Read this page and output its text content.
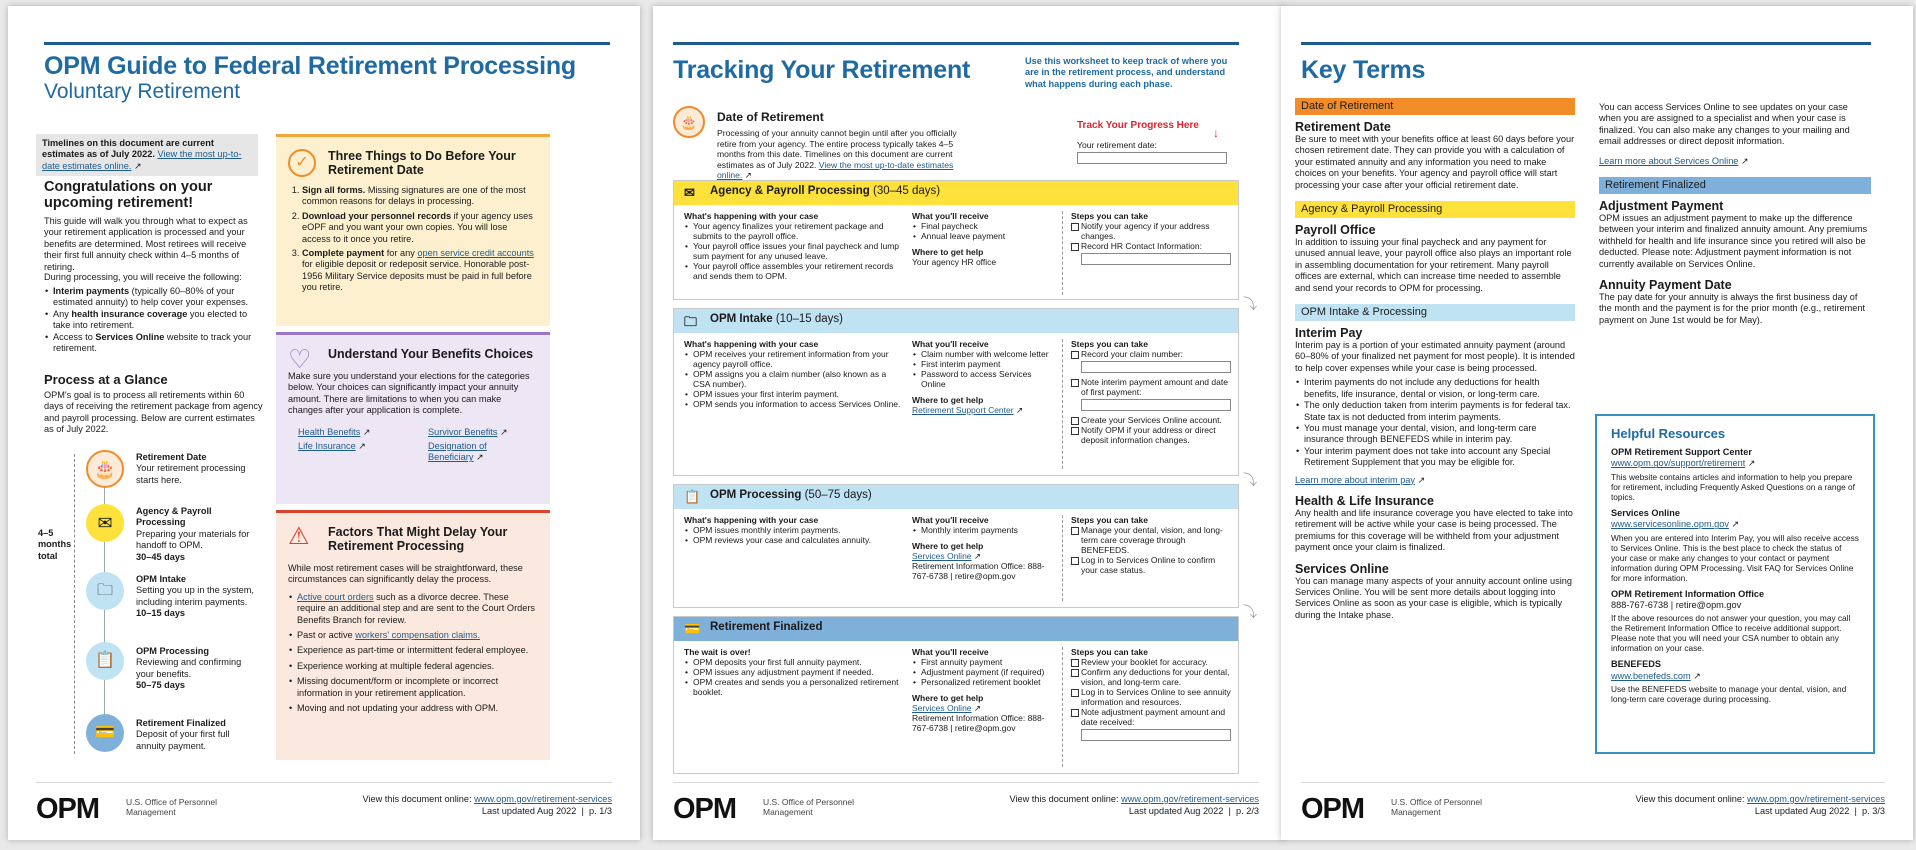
OPM Guide to Federal Retirement Processing
Voluntary Retirement
Timelines on this document are current estimates as of July 2022. View the most up-to-date estimates online. ↗
Congratulations on your upcoming retirement!
This guide will walk you through what to expect as your retirement application is processed and your benefits are determined. Most retirees will receive their first full annuity check within 4–5 months of retiring.
During processing, you will receive the following:
• Interim payments (typically 60–80% of your estimated annuity) to help cover your expenses.
• Any health insurance coverage you elected to take into retirement.
• Access to Services Online website to track your retirement.
Process at a Glance
OPM's goal is to process all retirements within 60 days of receiving the retirement package from agency and payroll processing. Below are current estimates as of July 2022.
4–5 months total
🎂
Retirement Date
Your retirement processing starts here.
✉
Agency & Payroll Processing
Preparing your materials for handoff to OPM.
30–45 days
🗀
OPM Intake
Setting you up in the system, including interim payments.
10–15 days
📋
OPM Processing
Reviewing and confirming your benefits.
50–75 days
💳
Retirement Finalized
Deposit of your first full annuity payment.
✓	Three Things to Do Before Your Retirement Date
1. Sign all forms. Missing signatures are one of the most common reasons for delays in processing.
2. Download your personnel records if your agency uses eOPF and you want your own copies. You will lose access to it once you retire.
3. Complete payment for any open service credit accounts for eligible deposit or redeposit service. Honorable post-1956 Military Service deposits must be paid in full before you retire.
♡ Understand Your Benefits Choices
Make sure you understand your elections for the categories below. Your choices can significantly impact your annuity amount. There are limitations to when you can make changes after your application is complete.
Health Benefits ↗
Life Insurance ↗
Survivor Benefits ↗
Designation of Beneficiary ↗
⚠ Factors That Might Delay Your Retirement Processing
While most retirement cases will be straightforward, these circumstances can significantly delay the process.
• Active court orders such as a divorce decree. These require an additional step and are sent to the Court Orders Benefits Branch for review.
• Past or active workers' compensation claims.
• Experience as part-time or intermittent federal employee.
• Experience working at multiple federal agencies.
• Missing document/form or incomplete or incorrect information in your retirement application.
• Moving and not updating your address with OPM.
OPM	U.S. Office of Personnel Management
View this document online: www.opm.gov/retirement-services
Last updated Aug 2022  |  p. 1/3
Tracking Your Retirement	Use this worksheet to keep track of where you are in the retirement process, and understand what happens during each phase.
🎂	Date of Retirement
Processing of your annuity cannot begin until after you officially retire from your agency. The entire process typically takes 4–5 months from this date. Timelines on this document are current estimates as of July 2022. View the most up-to-date estimates online. ↗
Track Your Progress Here
↓
Your retirement date:
✉ Agency & Payroll Processing (30–45 days)
What's happening with your case
• Your agency finalizes your retirement package and submits to the payroll office.
• Your payroll office issues your final paycheck and lump sum payment for any unused leave.
• Your payroll office assembles your retirement records and sends them to OPM.
What you'll receive
• Final paycheck
• Annual leave payment
Where to get help
Your agency HR office
Steps you can take
Notify your agency if your address changes.
Record HR Contact Information:
⤵
🗀 OPM Intake (10–15 days)
What's happening with your case
• OPM receives your retirement information from your agency payroll office.
• OPM assigns you a claim number (also known as a CSA number).
• OPM issues your first interim payment.
• OPM sends you information to access Services Online.
What you'll receive
• Claim number with welcome letter
• First interim payment
• Password to access Services Online
Where to get help
Retirement Support Center ↗
Steps you can take
Record your claim number:
Note interim payment amount and date of first payment:
Create your Services Online account.
Notify OPM if your address or direct deposit information changes.
⤵
📋 OPM Processing (50–75 days)
What's happening with your case
• OPM issues monthly interim payments.
• OPM reviews your case and calculates annuity.
What you'll receive
• Monthly interim payments
Where to get help
Services Online ↗
Retirement Information Office: 888-767-6738 | retire@opm.gov
Steps you can take
Manage your dental, vision, and long-term care coverage through BENEFEDS.
Log in to Services Online to confirm your case status.
⤵
💳 Retirement Finalized
The wait is over!
• OPM deposits your first full annuity payment.
• OPM issues any adjustment payment if needed.
• OPM creates and sends you a personalized retirement booklet.
What you'll receive
• First annuity payment
• Adjustment payment (if required)
• Personalized retirement booklet
Where to get help
Services Online ↗
Retirement Information Office: 888-767-6738 | retire@opm.gov
Steps you can take
Review your booklet for accuracy.
Confirm any deductions for your dental, vision, and long-term care.
Log in to Services Online to see annuity information and resources.
Note adjustment payment amount and date received:
OPM	U.S. Office of Personnel Management
View this document online: www.opm.gov/retirement-services
Last updated Aug 2022  |  p. 2/3
Key Terms
Date of Retirement
Retirement Date
Be sure to meet with your benefits office at least 60 days before your chosen retirement date. They can provide you with a calculation of your estimated annuity and any information you need to make choices on your benefits. Your agency and payroll office will start processing your case after your official retirement date.
Agency & Payroll Processing
Payroll Office
In addition to issuing your final paycheck and any payment for unused annual leave, your payroll office also plays an important role in assembling documentation for your retirement. Many payroll offices are external, which can increase time needed to assemble and send your records to OPM for processing.
OPM Intake & Processing
Interim Pay
Interim pay is a portion of your estimated annuity payment (around 60–80% of your finalized net payment for most people). It is intended to help cover expenses while your case is being processed.
• Interim payments do not include any deductions for health benefits, life insurance, dental or vision, or long-term care.
• The only deduction taken from interim payments is for federal tax. State tax is not deducted from interim payments.
• You must manage your dental, vision, and long-term care insurance through BENEFEDS while in interim pay.
• Your interim payment does not take into account any Special Retirement Supplement that you may be eligible for.
Learn more about interim pay ↗
Health & Life Insurance
Any health and life insurance coverage you have elected to take into retirement will be active while your case is being processed. The premiums for this coverage will be withheld from your adjustment payment once your claim is finalized.
Services Online
You can manage many aspects of your annuity account online using Services Online. You will be sent more details about logging into Services Online as soon as your case is eligible, which is typically during the Intake phase.
You can access Services Online to see updates on your case when you are assigned to a specialist and when your case is finalized. You can also make any changes to your mailing and email addresses or direct deposit information.
Learn more about Services Online ↗
Retirement Finalized
Adjustment Payment
OPM issues an adjustment payment to make up the difference between your interim and finalized annuity amount. Any premiums withheld for health and life insurance since you retired will also be deducted. Please note: Adjustment payment information is not currently available on Services Online.
Annuity Payment Date
The pay date for your annuity is always the first business day of the month and the payment is for the prior month (e.g., retirement payment on June 1st would be for May).
Helpful Resources
OPM Retirement Support Center
www.opm.gov/support/retirement ↗
This website contains articles and information to help you prepare for retirement, including Frequently Asked Questions on a range of topics.
Services Online
www.servicesonline.opm.gov ↗
When you are entered into Interim Pay, you will also receive access to Services Online. This is the best place to check the status of your case or make any changes to your contact or payment information during OPM Processing. Visit FAQ for Services Online for more information.
OPM Retirement Information Office
888-767-6738 | retire@opm.gov
If the above resources do not answer your question, you may call the Retirement Information Office to receive additional support. Please note that you will need your CSA number to obtain any information on your case.
BENEFEDS
www.benefeds.com ↗
Use the BENEFEDS website to manage your dental, vision, and long-term care coverage during processing.
OPM	U.S. Office of Personnel Management
View this document online: www.opm.gov/retirement-services
Last updated Aug 2022  |  p. 3/3
